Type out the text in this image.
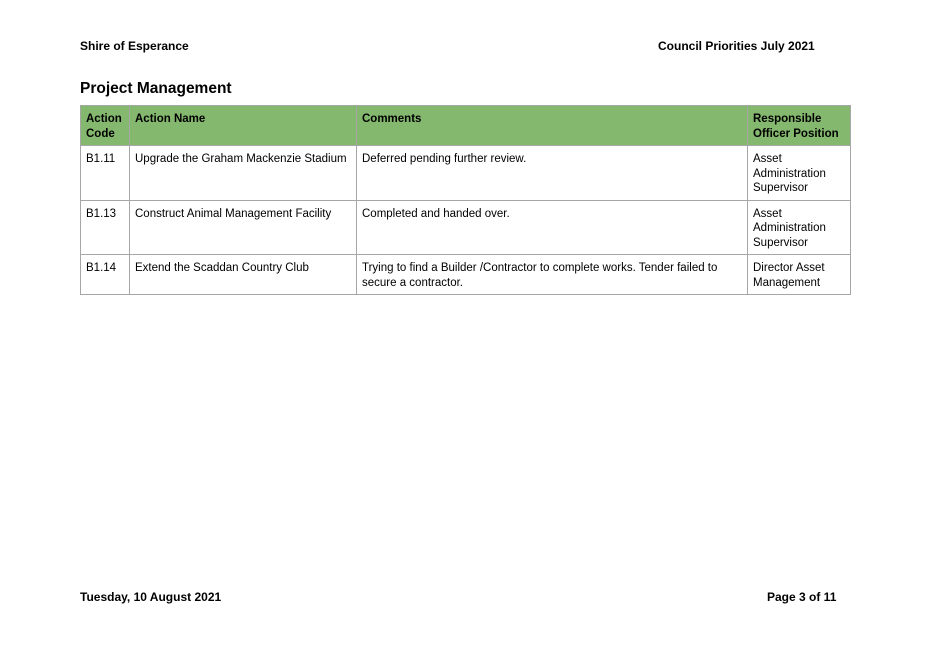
Shire of Esperance	Council Priorities July 2021
Project Management
Action Code	Action Name	Comments	Responsible Officer Position
B1.11	Upgrade the Graham Mackenzie Stadium	Deferred pending further review.	Asset Administration Supervisor
B1.13	Construct Animal Management Facility	Completed and handed over.	Asset Administration Supervisor
B1.14	Extend the Scaddan Country Club	Trying to find a Builder /Contractor to complete works. Tender failed to secure a contractor.	Director Asset Management
Tuesday, 10 August 2021	Page 3 of 11
